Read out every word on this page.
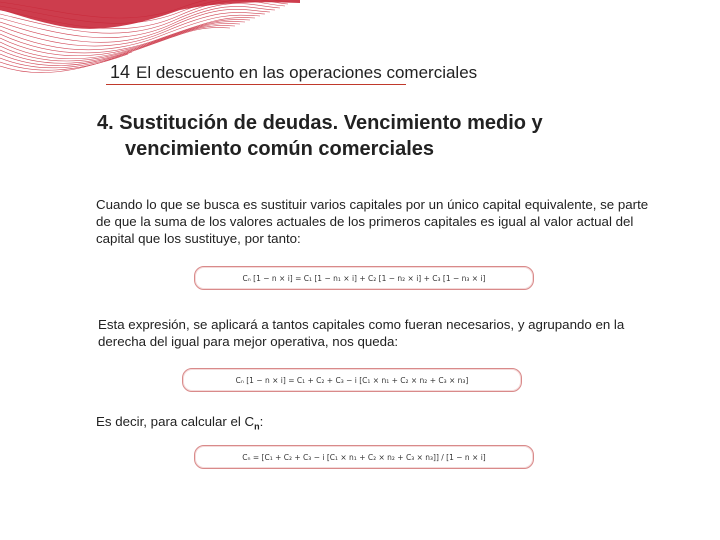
14 El descuento en las operaciones comerciales
4. Sustitución de deudas. Vencimiento medio y
vencimiento común comerciales
Cuando lo que se busca es sustituir varios capitales por un único capital equivalente, se parte de que la suma de los valores actuales de los primeros capitales es igual al valor actual del capital que los sustituye, por tanto:
Cₙ [1 − n × i] = C₁ [1 − n₁ × i] + C₂ [1 − n₂ × i] + C₃ [1 − n₃ × i]
Esta expresión, se aplicará a tantos capitales como fueran necesarios, y agrupando en la derecha del igual para mejor operativa, nos queda:
Cₙ [1 − n × i] = C₁ + C₂ + C₃ − i [C₁ × n₁ + C₂ × n₂ + C₃ × n₃]
Es decir, para calcular el $C_n$:
Cₙ = [C₁ + C₂ + C₃ − i [C₁ × n₁ + C₂ × n₂ + C₃ × n₃]] / [1 − n × i]
